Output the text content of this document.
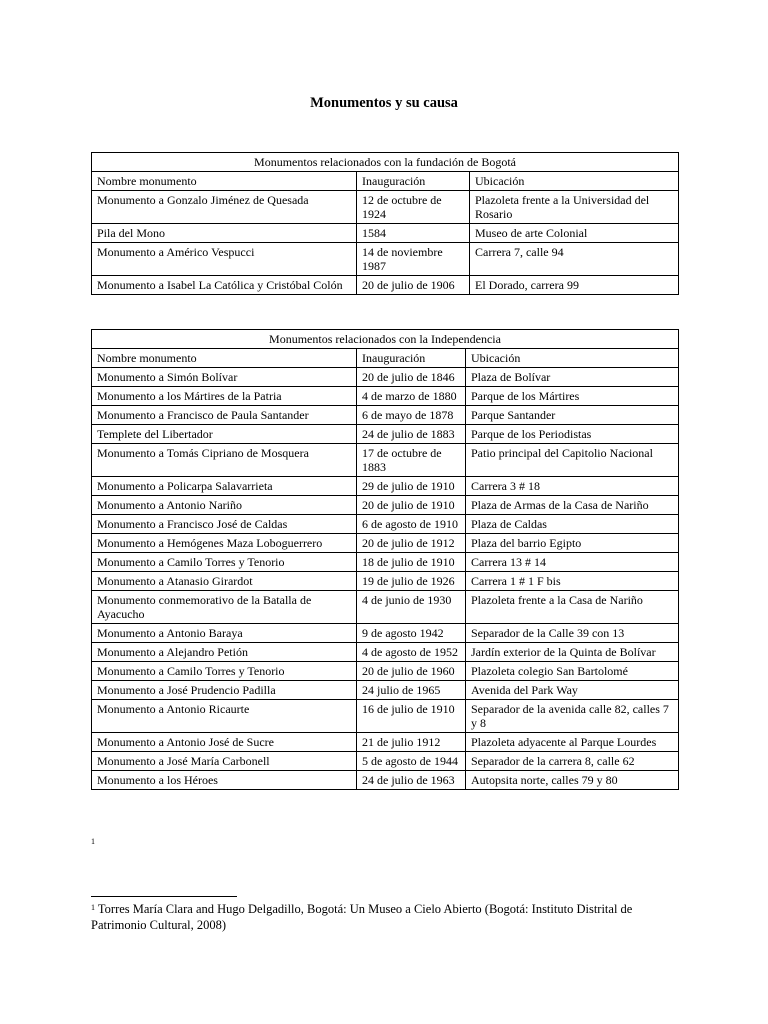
Monumentos y su causa
Monumentos relacionados con la fundación de Bogotá		
Nombre monumento	Inauguración	Ubicación
Monumento a Gonzalo Jiménez de Quesada	12 de octubre de 1924	Plazoleta frente a la Universidad del Rosario
Pila del Mono	1584	Museo de arte Colonial
Monumento a Américo Vespucci	14 de noviembre 1987	Carrera 7, calle 94
Monumento a Isabel La Católica y Cristóbal Colón	20 de julio de 1906	El Dorado, carrera 99
Monumentos relacionados con la Independencia		
Nombre monumento	Inauguración	Ubicación
Monumento a Simón Bolívar	20 de julio de 1846	Plaza de Bolívar
Monumento a los Mártires de la Patria	4 de marzo de 1880	Parque de los Mártires
Monumento a Francisco de Paula Santander	6 de mayo de 1878	Parque Santander
Templete del Libertador	24 de julio de 1883	Parque de los Periodistas
Monumento a Tomás Cipriano de Mosquera	17 de octubre de 1883	Patio principal del Capitolio Nacional
Monumento a Policarpa Salavarrieta	29 de julio de 1910	Carrera 3 # 18
Monumento a Antonio Nariño	20 de julio de 1910	Plaza de Armas de la Casa de Nariño
Monumento a Francisco José de Caldas	6 de agosto de 1910	Plaza de Caldas
Monumento a Hemógenes Maza Loboguerrero	20 de julio de 1912	Plaza del barrio Egipto
Monumento a Camilo Torres y Tenorio	18 de julio de 1910	Carrera 13 # 14
Monumento a Atanasio Girardot	19 de julio de 1926	Carrera 1 # 1 F bis
Monumento conmemorativo de la Batalla de Ayacucho	4 de junio de 1930	Plazoleta frente a la Casa de Nariño
Monumento a Antonio Baraya	9 de agosto 1942	Separador de la Calle 39 con 13
Monumento a Alejandro Petión	4 de agosto de 1952	Jardín exterior de la Quinta de Bolívar
Monumento a Camilo Torres y Tenorio	20 de julio de 1960	Plazoleta colegio San Bartolomé
Monumento a José Prudencio Padilla	24 julio de 1965	Avenida del Park Way
Monumento a Antonio Ricaurte	16 de julio de 1910	Separador de la avenida calle 82, calles 7 y 8
Monumento a Antonio José de Sucre	21 de julio 1912	Plazoleta adyacente al Parque Lourdes
Monumento a José María Carbonell	5 de agosto de 1944	Separador de la carrera 8, calle 62
Monumento a los Héroes	24 de julio de 1963	Autopsita norte, calles 79 y 80
1
$^1$ Torres María Clara and Hugo Delgadillo, Bogotá: Un Museo a Cielo Abierto (Bogotá: Instituto Distrital de Patrimonio Cultural, 2008)
